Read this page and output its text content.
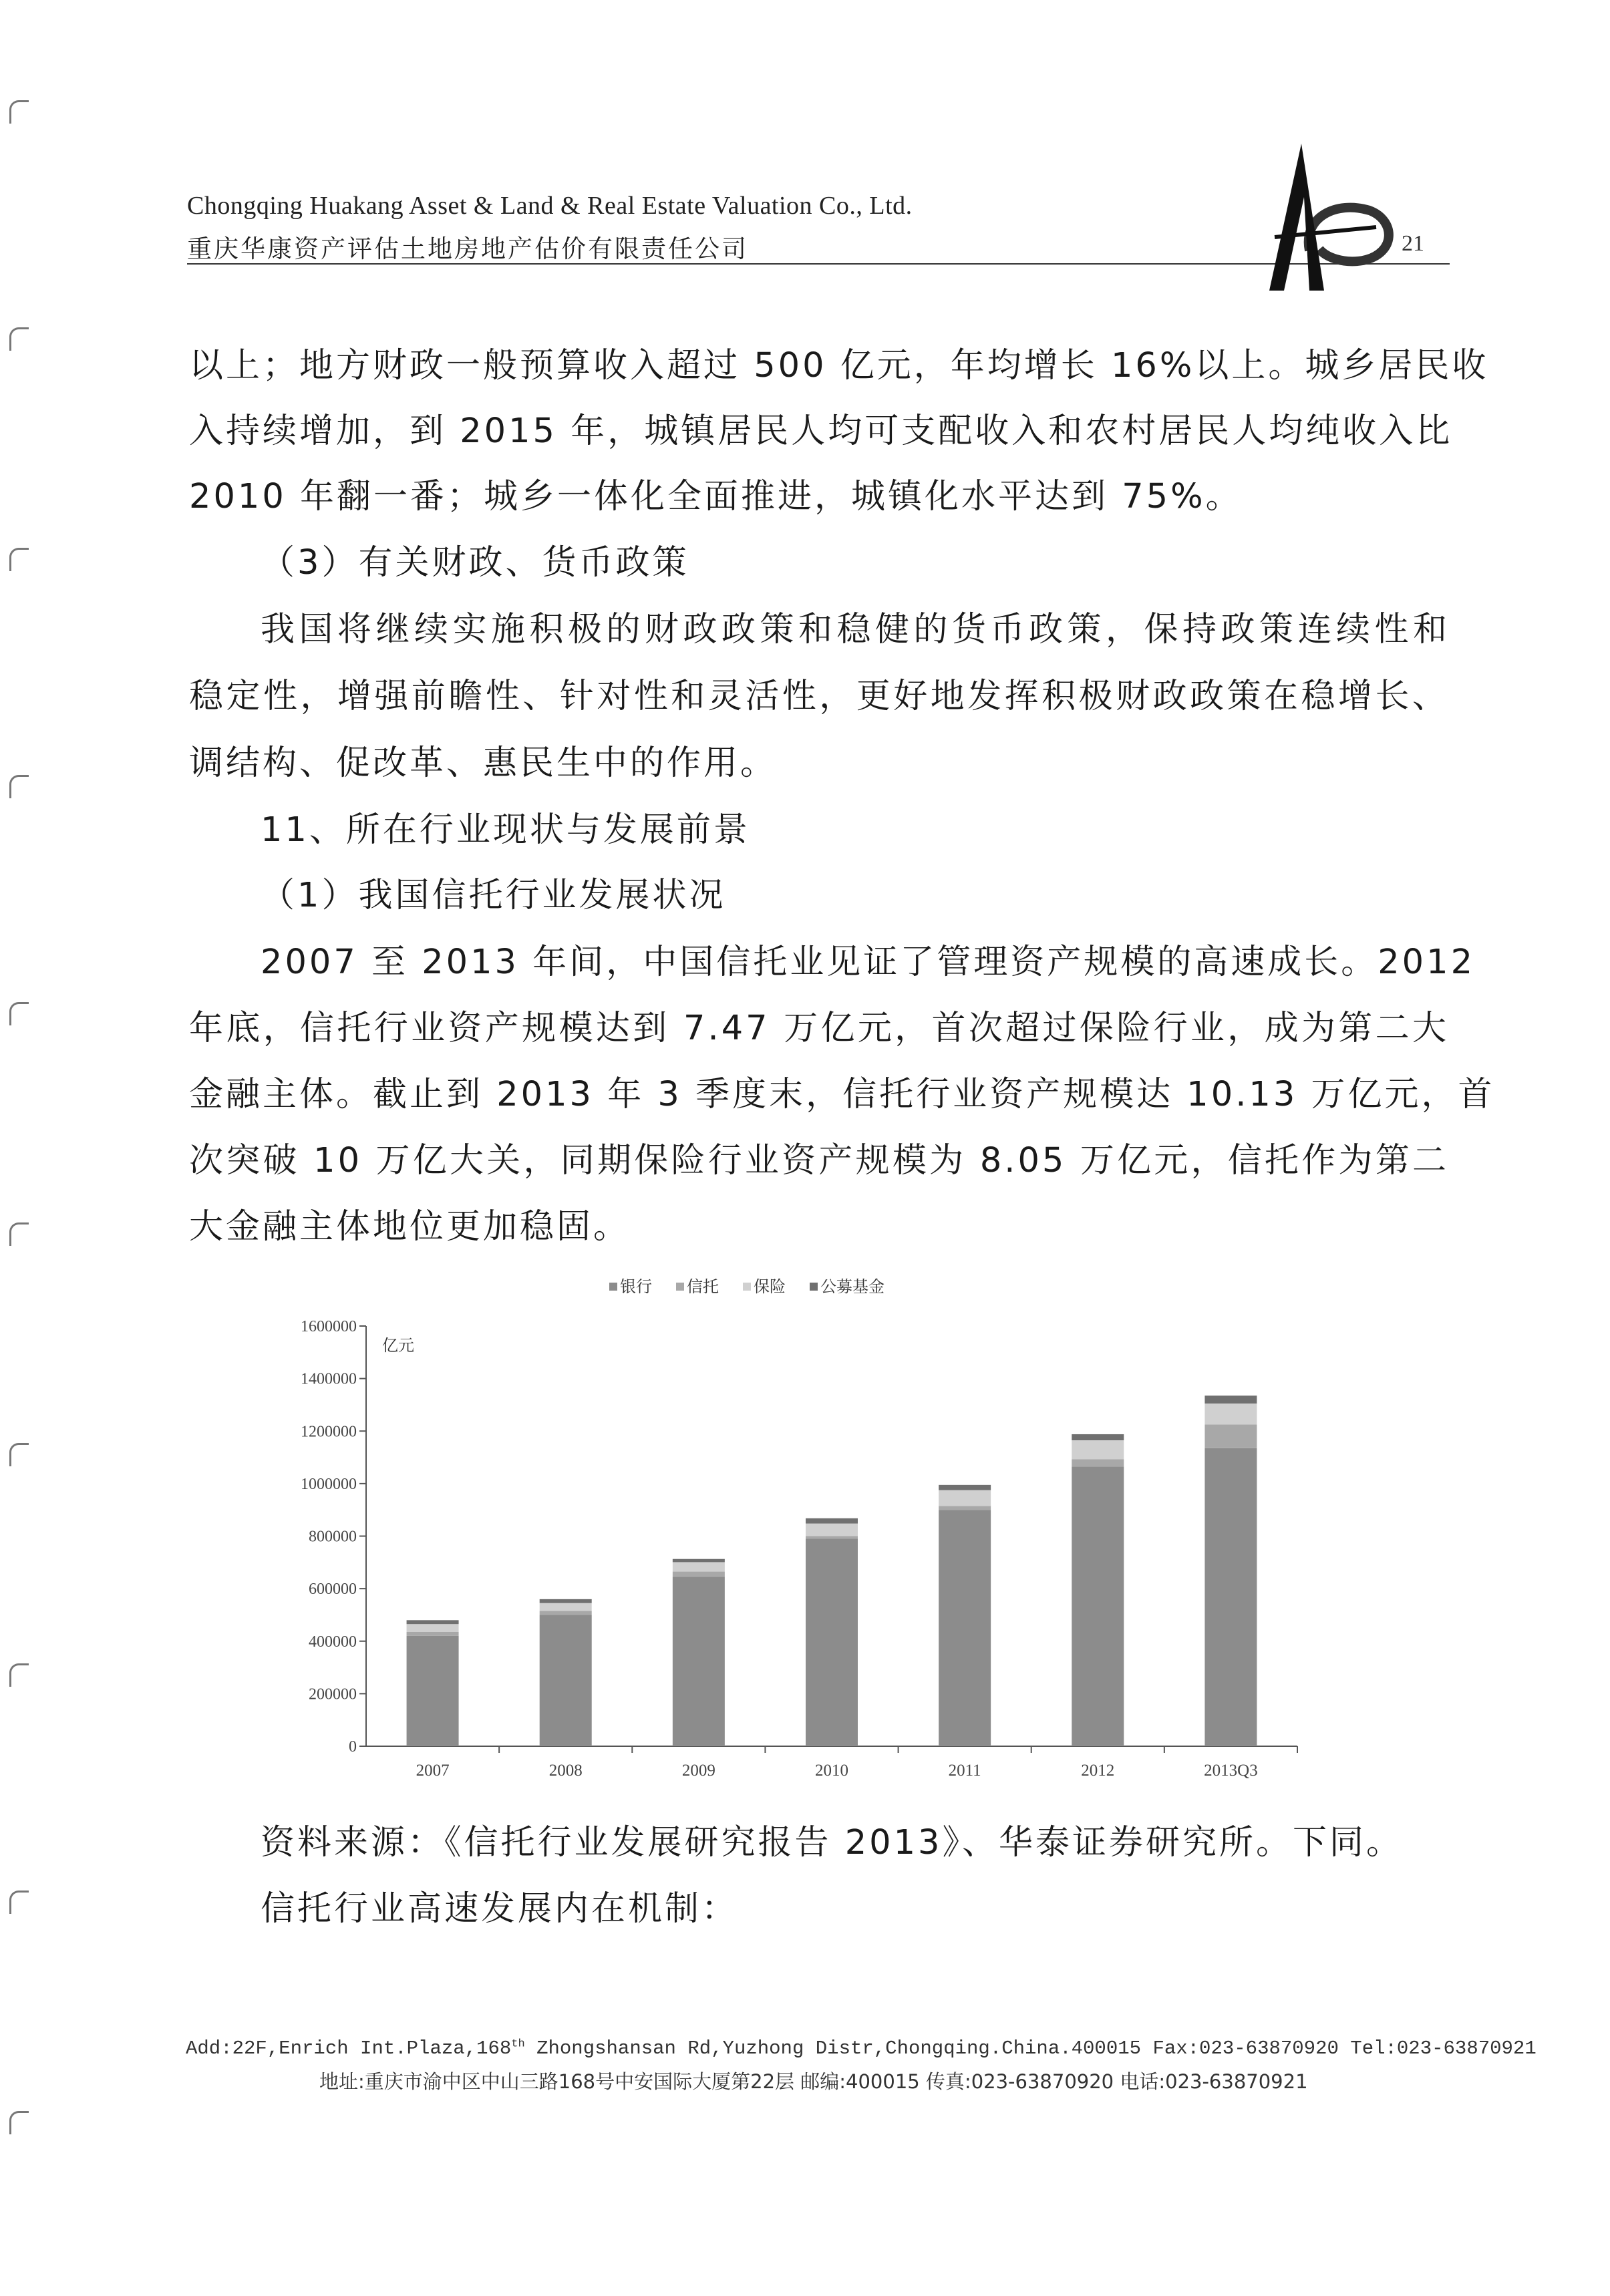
Chongqing Huakang Asset & Land & Real Estate Valuation Co., Ltd.
重庆华康资产评估土地房地产估价有限责任公司	21
以上；地方财政一般预算收入超过 500 亿元，年均增长 16%以上。城乡居民收
入持续增加，到 2015 年，城镇居民人均可支配收入和农村居民人均纯收入比
2010 年翻一番；城乡一体化全面推进，城镇化水平达到 75%。
（3）有关财政、货币政策
我国将继续实施积极的财政政策和稳健的货币政策，保持政策连续性和
稳定性，增强前瞻性、针对性和灵活性，更好地发挥积极财政政策在稳增长、
调结构、促改革、惠民生中的作用。
11、所在行业现状与发展前景
（1）我国信托行业发展状况
2007 至 2013 年间，中国信托业见证了管理资产规模的高速成长。2012
年底，信托行业资产规模达到 7.47 万亿元，首次超过保险行业，成为第二大
金融主体。截止到 2013 年 3 季度末，信托行业资产规模达 10.13 万亿元，首
次突破 10 万亿大关，同期保险行业资产规模为 8.05 万亿元，信托作为第二
大金融主体地位更加稳固。
银行 信托 保险 公募基金
亿元
0
200000
400000
600000
800000
1000000
1200000
1400000
1600000
2007	2008	2009	2010	2011	2012	2013Q3
资料来源：《信托行业发展研究报告 2013》、华泰证券研究所。下同。
信托行业高速发展内在机制：
Add:22F,Enrich Int.Plaza,168th Zhongshansan Rd,Yuzhong Distr,Chongqing.China.400015 Fax:023-63870920 Tel:023-63870921
地址:重庆市渝中区中山三路168号中安国际大厦第22层 邮编:400015 传真:023-63870920 电话:023-63870921
